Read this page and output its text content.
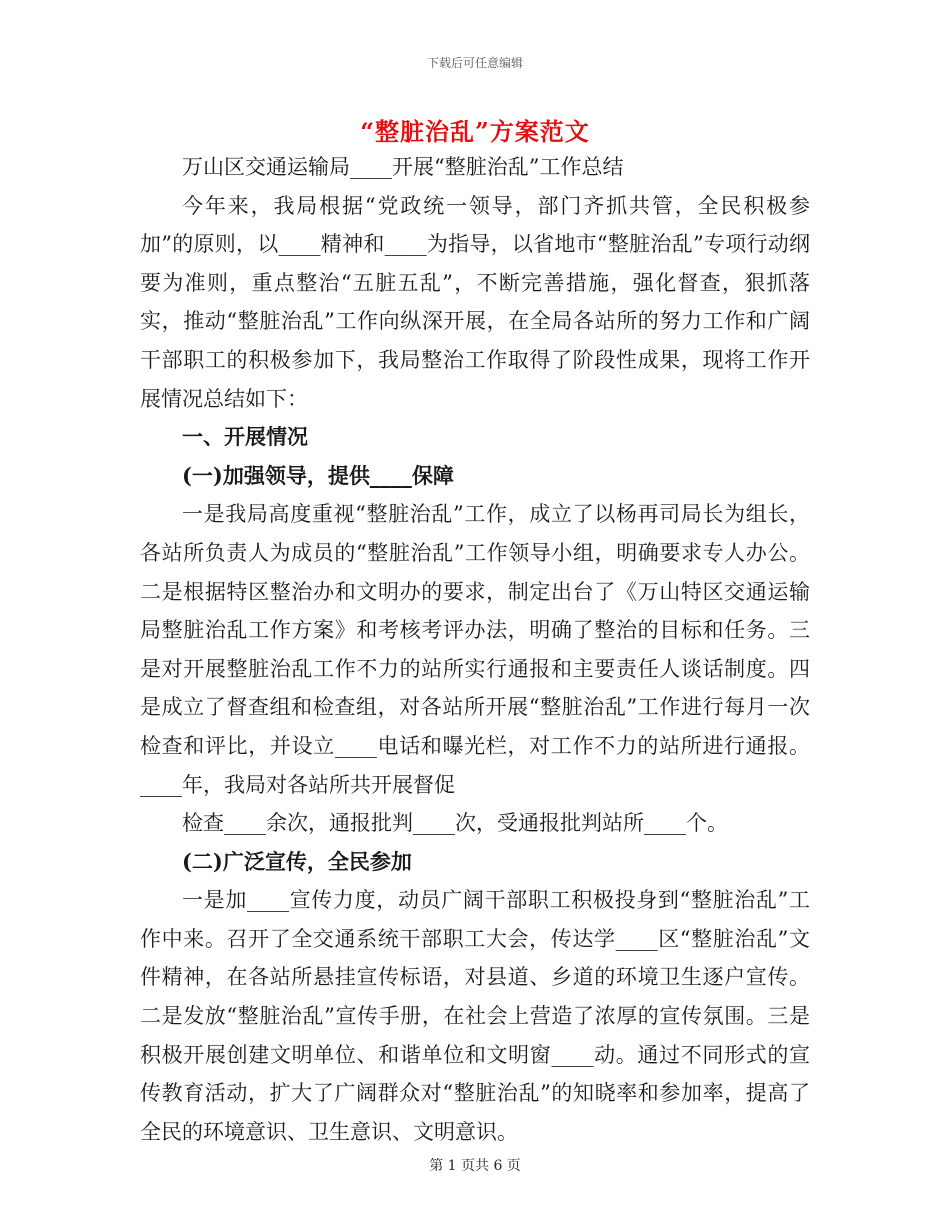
下载后可任意编辑
“整脏治乱”方案范文

万山区交通运输局____开展“整脏治乱”工作总结

今年来，我局根据“党政统一领导，部门齐抓共管，全民积极参加”的原则，以____精神和____为指导，以省地市“整脏治乱”专项行动纲要为准则，重点整治“五脏五乱”，不断完善措施，强化督查，狠抓落实，推动“整脏治乱”工作向纵深开展，在全局各站所的努力工作和广阔干部职工的积极参加下，我局整治工作取得了阶段性成果，现将工作开展情况总结如下：

一、开展情况

(一)加强领导，提供____保障

一是我局高度重视“整脏治乱”工作，成立了以杨再司局长为组长，各站所负责人为成员的“整脏治乱”工作领导小组，明确要求专人办公。二是根据特区整治办和文明办的要求，制定出台了《万山特区交通运输局整脏治乱工作方案》和考核考评办法，明确了整治的目标和任务。三是对开展整脏治乱工作不力的站所实行通报和主要责任人谈话制度。四是成立了督查组和检查组，对各站所开展“整脏治乱”工作进行每月一次检查和评比，并设立____电话和曝光栏，对工作不力的站所进行通报。____年，我局对各站所共开展督促

检查____余次，通报批判____次，受通报批判站所____个。

(二)广泛宣传，全民参加

一是加____宣传力度，动员广阔干部职工积极投身到“整脏治乱”工作中来。召开了全交通系统干部职工大会，传达学____区“整脏治乱”文件精神，在各站所悬挂宣传标语，对县道、乡道的环境卫生逐户宣传。二是发放“整脏治乱”宣传手册，在社会上营造了浓厚的宣传氛围。三是积极开展创建文明单位、和谐单位和文明窗____动。通过不同形式的宣传教育活动，扩大了广阔群众对“整脏治乱”的知晓率和参加率，提高了全民的环境意识、卫生意识、文明意识。

第 1 页共 6 页
